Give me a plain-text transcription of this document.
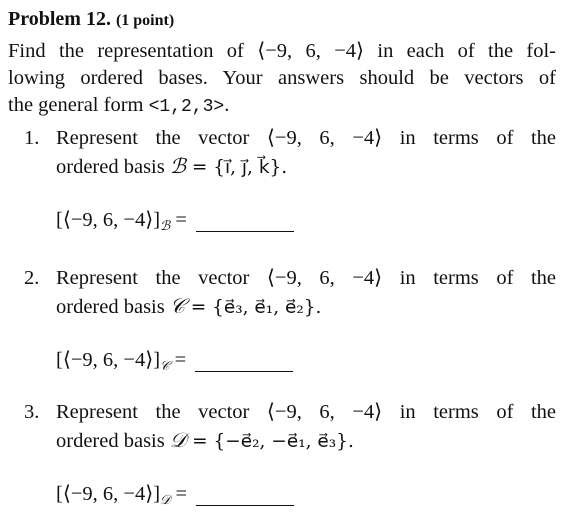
Problem 12. (1 point)
Find the representation of ⟨−9, 6, −4⟩ in each of the fol-
lowing ordered bases. Your answers should be vectors of
the general form <1,2,3>.
1. Represent the vector ⟨−9, 6, −4⟩ in terms of the
ordered basis ℬ = {i⃗, j⃗, k⃗}.
[⟨−9, 6, $-4⟩]_ℬ$ =
2. Represent the vector ⟨−9, 6, −4⟩ in terms of the
ordered basis 𝒞 = {e⃗₃, e⃗₁, e⃗₂}.
[⟨−9, 6, $-4⟩]_𝒞$ =
3. Represent the vector ⟨−9, 6, −4⟩ in terms of the
ordered basis 𝒟 = {−e⃗₂, −e⃗₁, e⃗₃}.
[⟨−9, 6, $-4⟩]_𝒟$ =
